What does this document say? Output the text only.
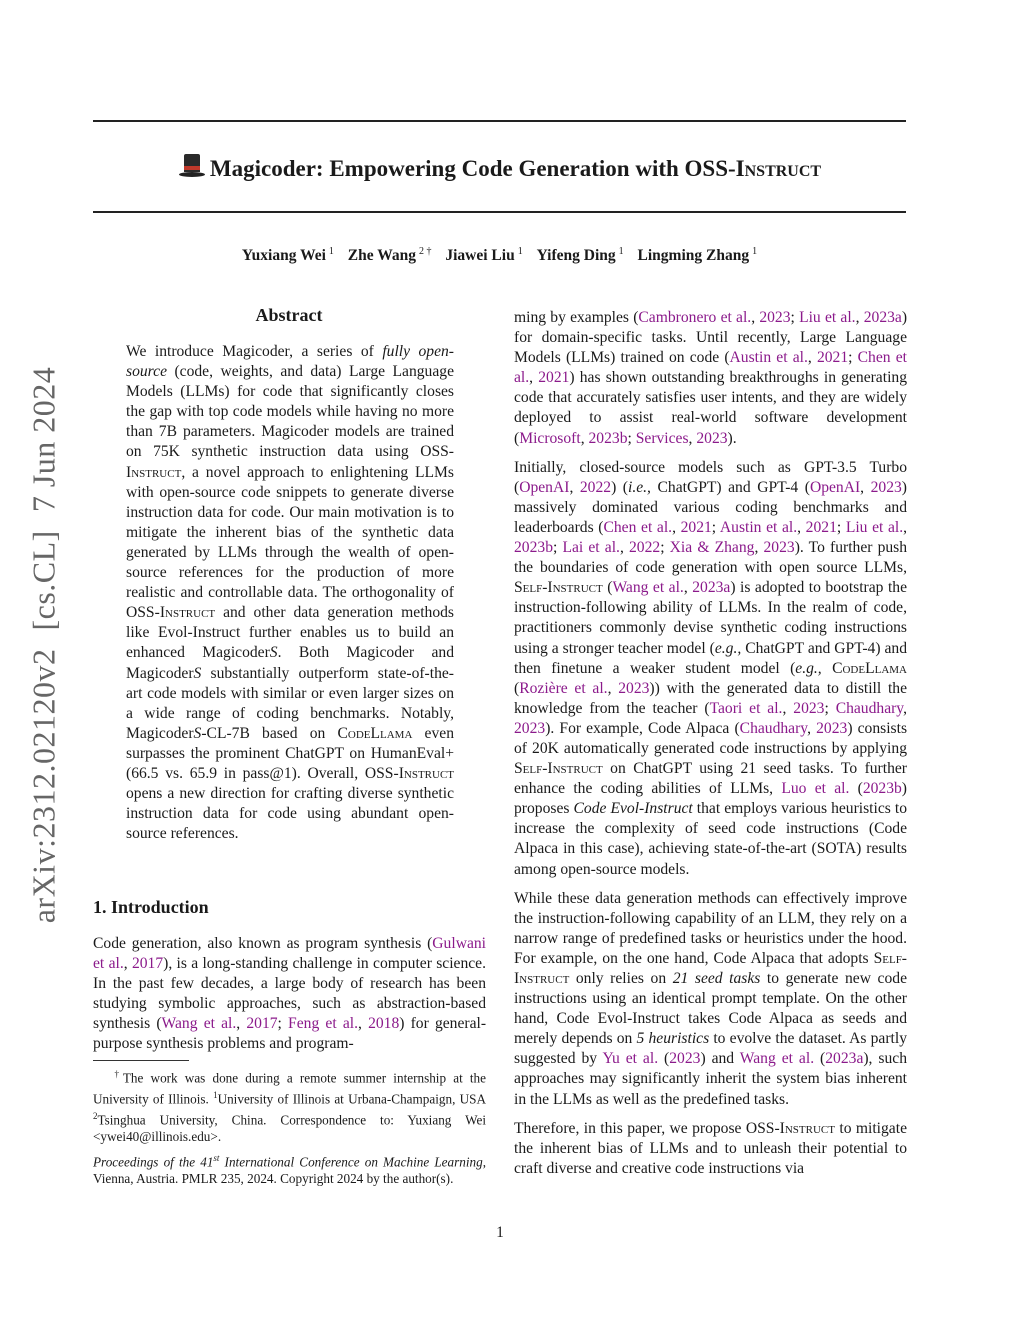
arXiv:2312.02120v2[cs.CL]7 Jun 2024
Magicoder: Empowering Code Generation with OSS-Instruct
Yuxiang Wei $^1$ Zhe Wang $^{2 \dagger}$ Jiawei Liu $^1$ Yifeng Ding $^1$ Lingming Zhang $^1$
Abstract

We introduce Magicoder, a series of fully open-source (code, weights, and data) Large Language Models (LLMs) for code that significantly closes the gap with top code models while having no more than 7B parameters. Magicoder models are trained on 75K synthetic instruction data using OSS-Instruct, a novel approach to enlightening LLMs with open-source code snippets to generate diverse instruction data for code. Our main motivation is to mitigate the inherent bias of the synthetic data generated by LLMs through the wealth of open-source references for the production of more realistic and controllable data. The orthogonality of OSS-Instruct and other data generation methods like Evol-Instruct further enables us to build an enhanced MagicoderS. Both Magicoder and MagicoderS substantially outperform state-of-the-art code models with similar or even larger sizes on a wide range of coding benchmarks. Notably, MagicoderS-CL-7B based on CodeLlama even surpasses the prominent ChatGPT on HumanEval+ (66.5 vs. 65.9 in pass@1). Overall, OSS-Instruct opens a new direction for crafting diverse synthetic instruction data for code using abundant open-source references.

1. Introduction

Code generation, also known as program synthesis (Gulwani et al., 2017), is a long-standing challenge in computer science. In the past few decades, a large body of research has been studying symbolic approaches, such as abstraction-based synthesis (Wang et al., 2017; Feng et al., 2018) for general-purpose synthesis problems and program-

†The work was done during a remote summer internship at the University of Illinois. $^1$University of Illinois at Urbana-Champaign, USA $^2$Tsinghua University, China. Correspondence to: Yuxiang Wei <ywei40@illinois.edu>.

Proceedings of the 41st International Conference on Machine Learning, Vienna, Austria. PMLR 235, 2024. Copyright 2024 by the author(s).

ming by examples (Cambronero et al., 2023; Liu et al., 2023a) for domain-specific tasks. Until recently, Large Language Models (LLMs) trained on code (Austin et al., 2021; Chen et al., 2021) has shown outstanding breakthroughs in generating code that accurately satisfies user intents, and they are widely deployed to assist real-world software development (Microsoft, 2023b; Services, 2023).

Initially, closed-source models such as GPT-3.5 Turbo (OpenAI, 2022) (i.e., ChatGPT) and GPT-4 (OpenAI, 2023) massively dominated various coding benchmarks and leaderboards (Chen et al., 2021; Austin et al., 2021; Liu et al., 2023b; Lai et al., 2022; Xia & Zhang, 2023). To further push the boundaries of code generation with open source LLMs, Self-Instruct (Wang et al., 2023a) is adopted to bootstrap the instruction-following ability of LLMs. In the realm of code, practitioners commonly devise synthetic coding instructions using a stronger teacher model (e.g., ChatGPT and GPT-4) and then finetune a weaker student model (e.g., CodeLlama (Rozière et al., 2023)) with the generated data to distill the knowledge from the teacher (Taori et al., 2023; Chaudhary, 2023). For example, Code Alpaca (Chaudhary, 2023) consists of 20K automatically generated code instructions by applying Self-Instruct on ChatGPT using 21 seed tasks. To further enhance the coding abilities of LLMs, Luo et al. (2023b) proposes Code Evol-Instruct that employs various heuristics to increase the complexity of seed code instructions (Code Alpaca in this case), achieving state-of-the-art (SOTA) results among open-source models.

While these data generation methods can effectively improve the instruction-following capability of an LLM, they rely on a narrow range of predefined tasks or heuristics under the hood. For example, on the one hand, Code Alpaca that adopts Self-Instruct only relies on 21 seed tasks to generate new code instructions using an identical prompt template. On the other hand, Code Evol-Instruct takes Code Alpaca as seeds and merely depends on 5 heuristics to evolve the dataset. As partly suggested by Yu et al. (2023) and Wang et al. (2023a), such approaches may significantly inherit the system bias inherent in the LLMs as well as the predefined tasks.

Therefore, in this paper, we propose OSS-Instruct to mitigate the inherent bias of LLMs and to unleash their potential to craft diverse and creative code instructions via

1
